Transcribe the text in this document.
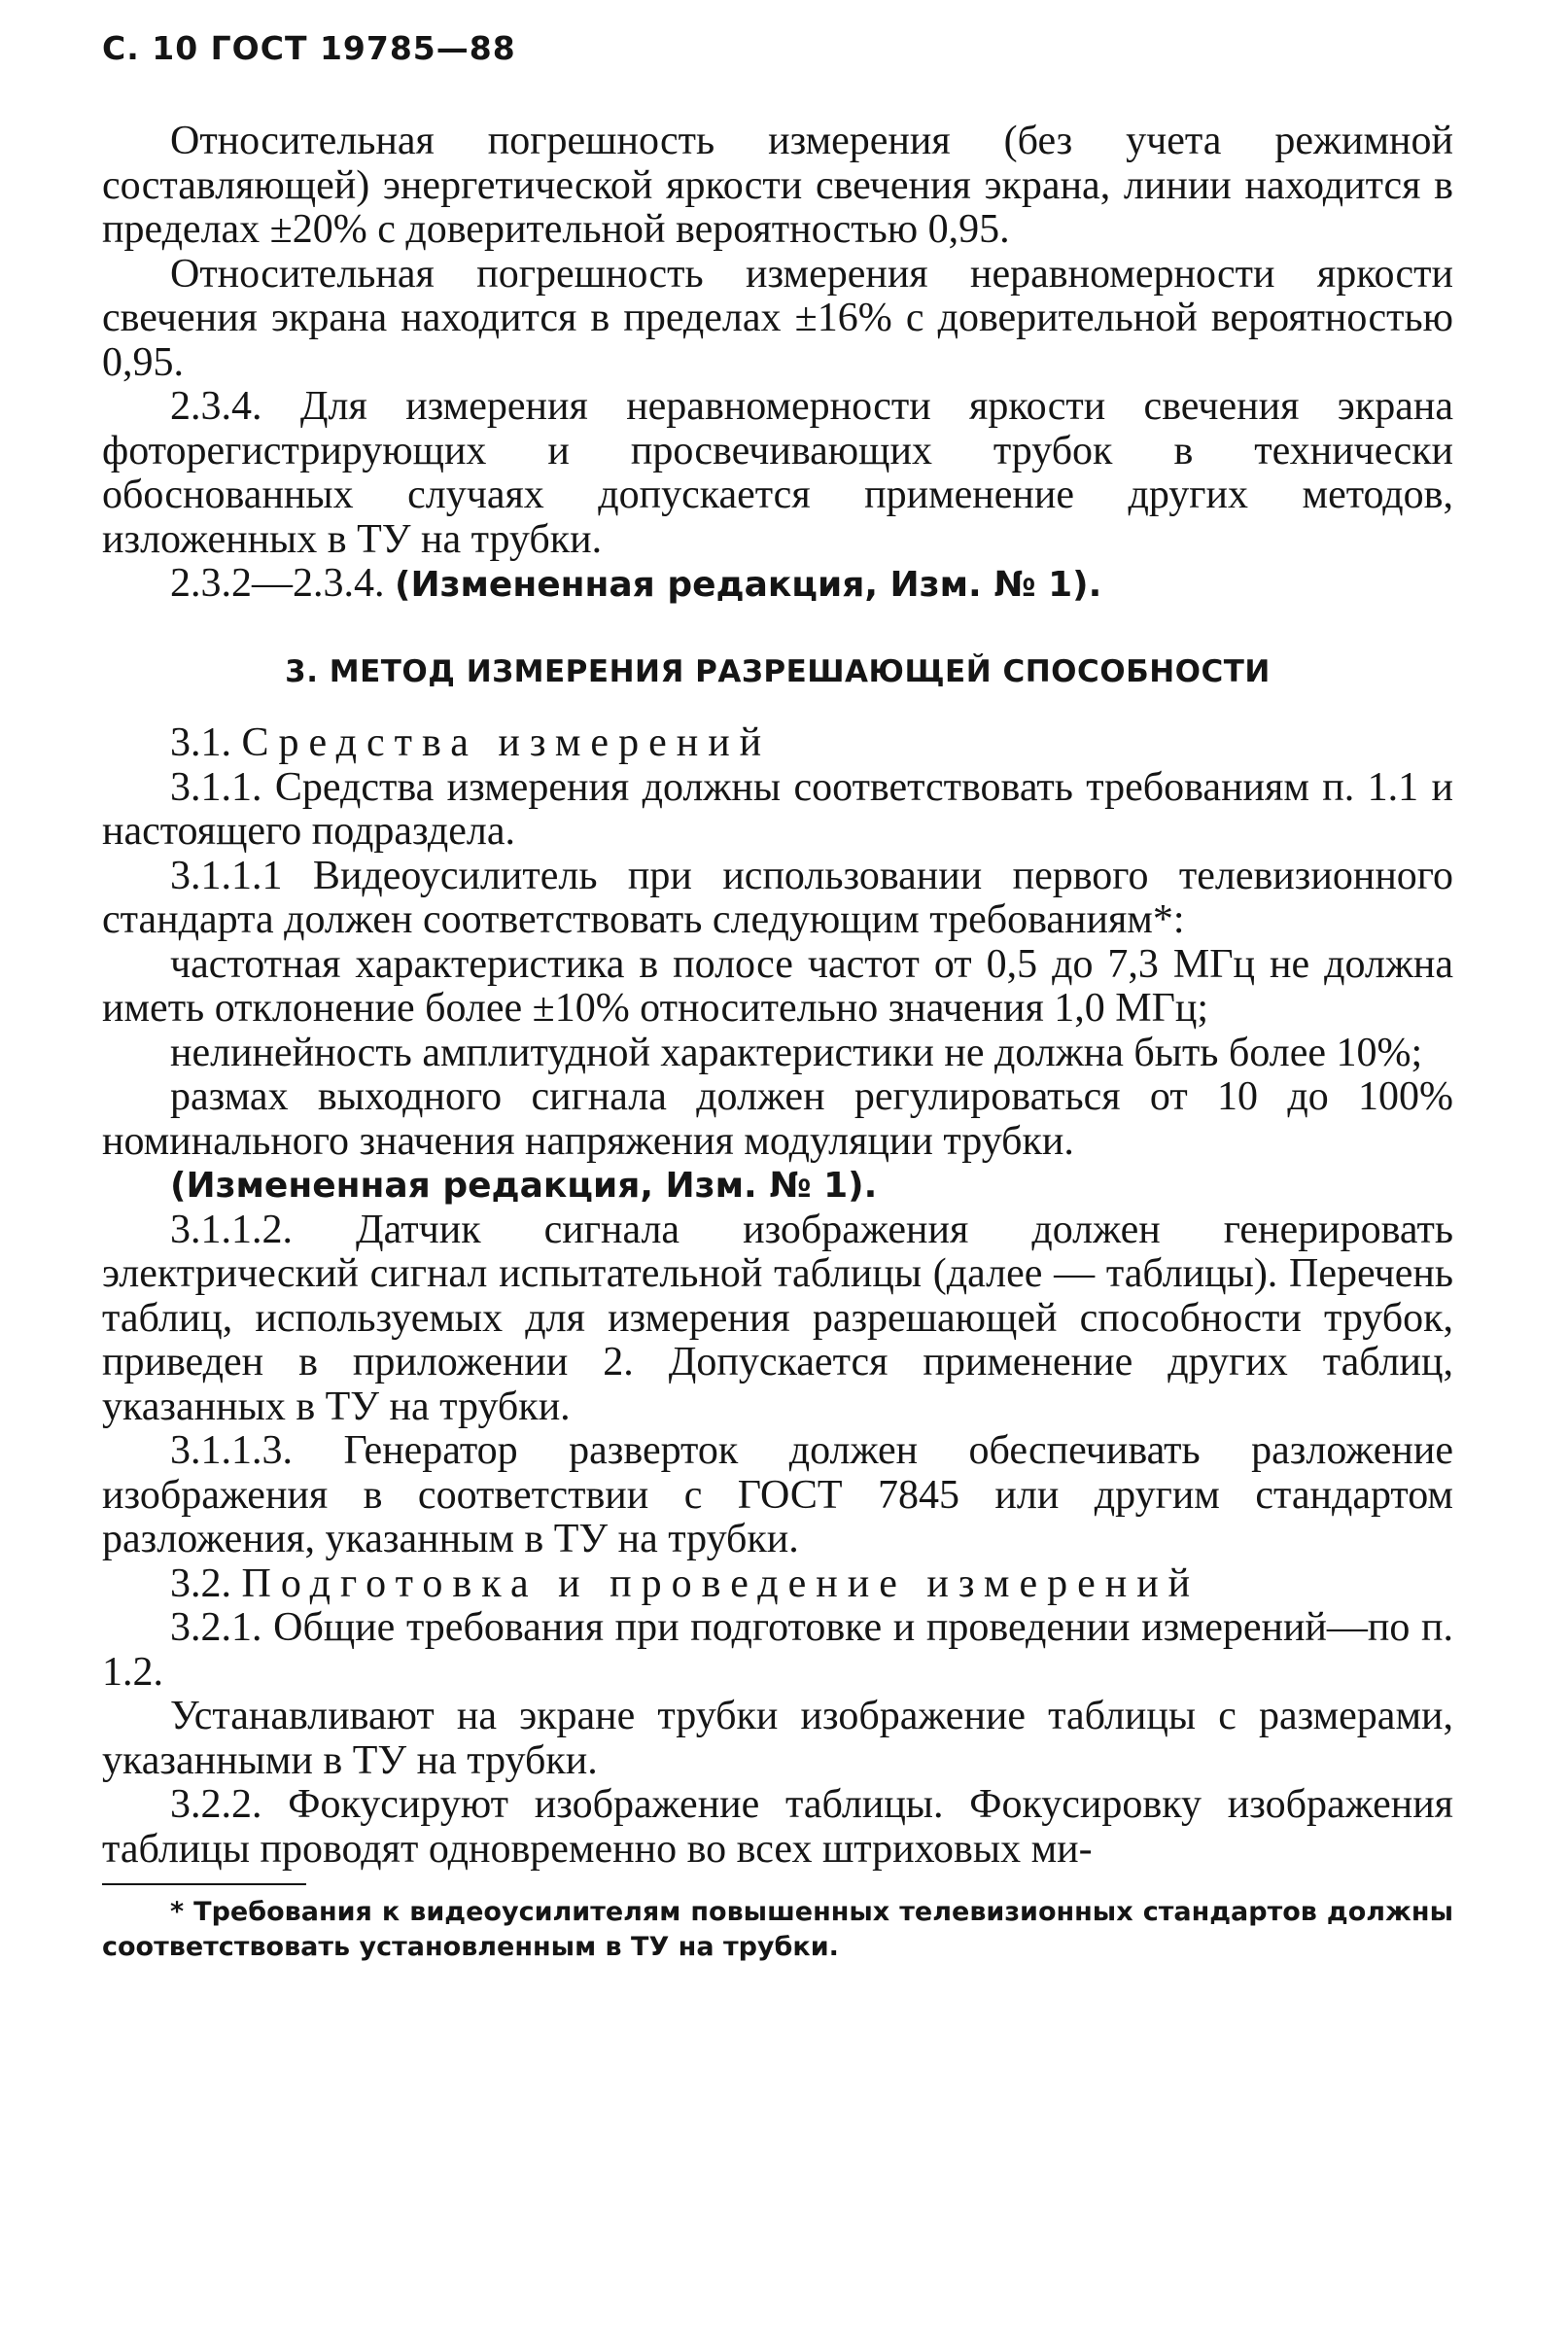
С. 10 ГОСТ 19785—88

Относительная погрешность измерения (без учета режимной составляющей) энергетической яркости свечения экрана, линии находится в пределах ±20% с доверительной вероятностью 0,95.

Относительная погрешность измерения неравномерности яркости свечения экрана находится в пределах ±16% с доверительной вероятностью 0,95.

2.3.4. Для измерения неравномерности яркости свечения экрана фоторегистрирующих и просвечивающих трубок в технически обоснованных случаях допускается применение других методов, изложенных в ТУ на трубки.

2.3.2—2.3.4. (Измененная редакция, Изм. № 1).

3. МЕТОД ИЗМЕРЕНИЯ РАЗРЕШАЮЩЕЙ СПОСОБНОСТИ

3.1. Средства измерений

3.1.1. Средства измерения должны соответствовать требованиям п. 1.1 и настоящего подраздела.

3.1.1.1 Видеоусилитель при использовании первого телевизионного стандарта должен соответствовать следующим требованиям*:

частотная характеристика в полосе частот от 0,5 до 7,3 МГц не должна иметь отклонение более ±10% относительно значения 1,0 МГц;

нелинейность амплитудной характеристики не должна быть более 10%;

размах выходного сигнала должен регулироваться от 10 до 100% номинального значения напряжения модуляции трубки.

(Измененная редакция, Изм. № 1).

3.1.1.2. Датчик сигнала изображения должен генерировать электрический сигнал испытательной таблицы (далее — таблицы). Перечень таблиц, используемых для измерения разрешающей способности трубок, приведен в приложении 2. Допускается применение других таблиц, указанных в ТУ на трубки.

3.1.1.3. Генератор разверток должен обеспечивать разложение изображения в соответствии с ГОСТ 7845 или другим стандартом разложения, указанным в ТУ на трубки.

3.2. Подготовка и проведение измерений

3.2.1. Общие требования при подготовке и проведении измерений—по п. 1.2.

Устанавливают на экране трубки изображение таблицы с размерами, указанными в ТУ на трубки.

3.2.2. Фокусируют изображение таблицы. Фокусировку изображения таблицы проводят одновременно во всех штриховых ми-

* Требования к видеоусилителям повышенных телевизионных стандартов должны соответствовать установленным в ТУ на трубки.
